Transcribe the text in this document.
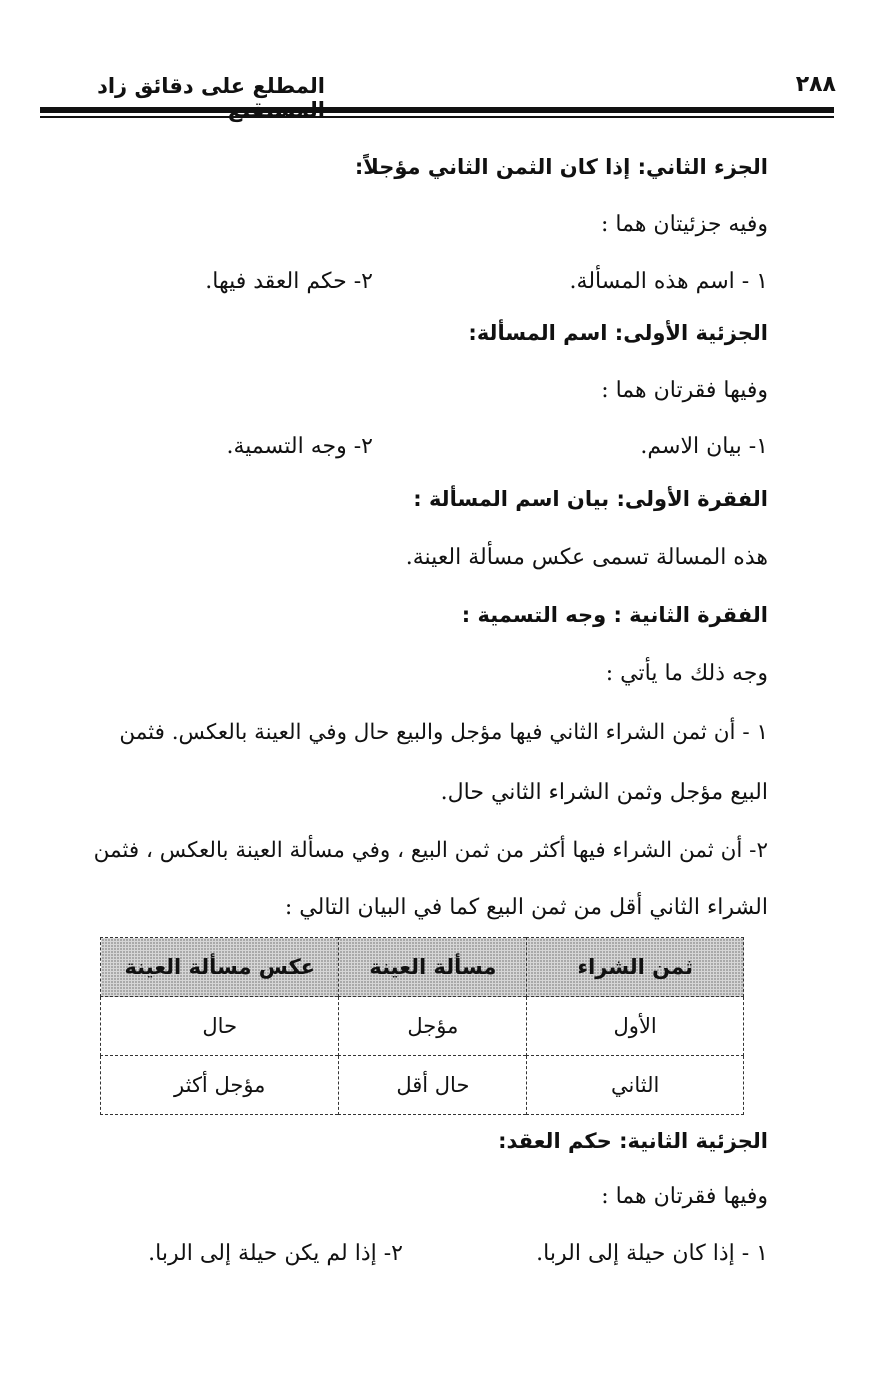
المطلع على دقائق زاد	٢٨٨
الجزء الثاني: إذا كان الثمن الثاني مؤجلاً:
وفيه جزئيتان هما :
١ - اسم هذه المسألة.
٢- حكم العقد فيها.
الجزئية الأولى: اسم المسألة:
وفيها فقرتان هما :
١- بيان الاسم.
٢- وجه التسمية.
الفقرة الأولى: بيان اسم المسألة :
هذه المسالة تسمى عكس مسألة العينة.
الفقرة الثانية : وجه التسمية :
وجه ذلك ما يأتي :
١ - أن ثمن الشراء الثاني فيها مؤجل والبيع حال وفي العينة بالعكس. فثمن
البيع مؤجل وثمن الشراء الثاني حال.
٢- أن ثمن الشراء فيها أكثر من ثمن البيع ، وفي مسألة العينة بالعكس ، فثمن
الشراء الثاني أقل من ثمن البيع كما في البيان التالي :
ثمن الشراء	مسألة العينة	عكس مسألة العينة
الأول	مؤجل	حال
الثاني	حال أقل	مؤجل أكثر
الجزئية الثانية: حكم العقد:
وفيها فقرتان هما :
١ - إذا كان حيلة إلى الربا.
٢- إذا لم يكن حيلة إلى الربا.
